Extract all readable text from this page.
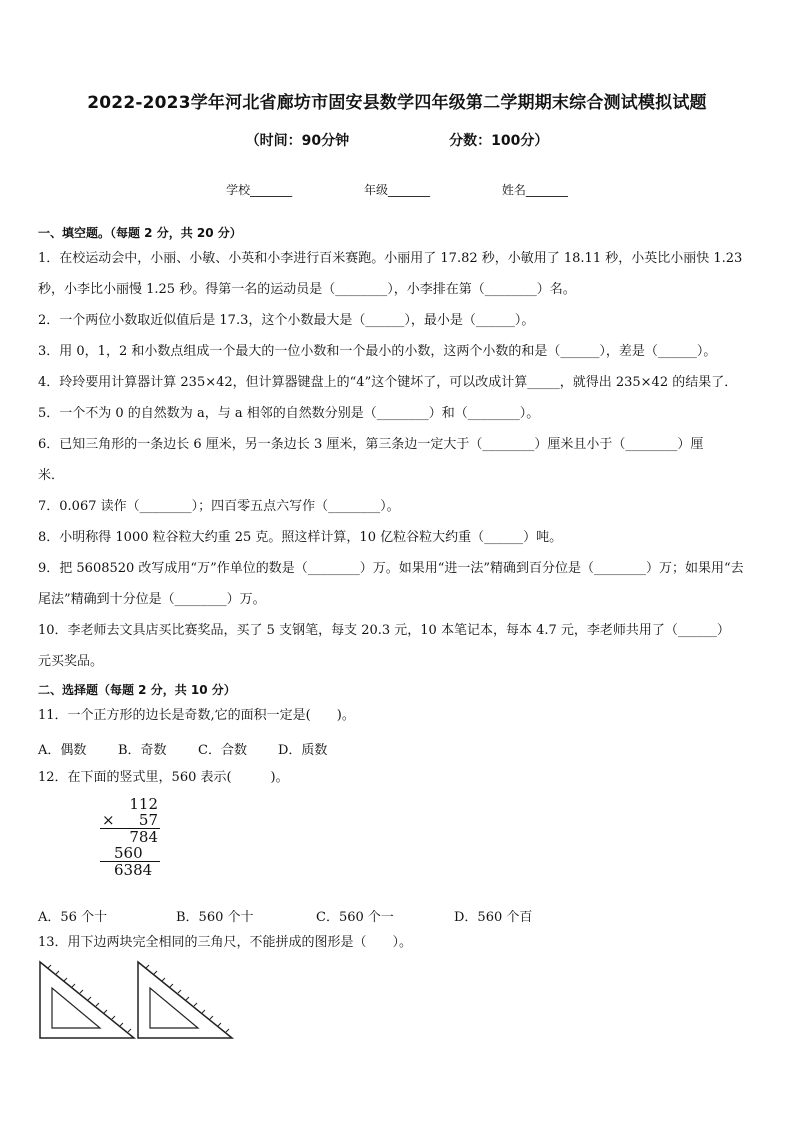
2022-2023学年河北省廊坊市固安县数学四年级第二学期期末综合测试模拟试题
（时间：90分钟	分数：100分）
学校_______	年级_______	姓名_______
一、填空题。（每题 2 分，共 20 分）
1．在校运动会中，小丽、小敏、小英和小李进行百米赛跑。小丽用了 17.82 秒，小敏用了 18.11 秒，小英比小丽快 1.23
秒，小李比小丽慢 1.25 秒。得第一名的运动员是（________），小李排在第（________）名。
2．一个两位小数取近似值后是 17.3，这个小数最大是（______），最小是（______）。
3．用 0，1，2 和小数点组成一个最大的一位小数和一个最小的小数，这两个小数的和是（______），差是（______）。
4．玲玲要用计算器计算 235×42，但计算器键盘上的“4”这个键坏了，可以改成计算_____，就得出 235×42 的结果了．
5．一个不为 0 的自然数为 a，与 a 相邻的自然数分别是（________）和（________）。
6．已知三角形的一条边长 6 厘米，另一条边长 3 厘米，第三条边一定大于（________）厘米且小于（________）厘
米．
7．0.067 读作（________）；四百零五点六写作（________）。
8．小明称得 1000 粒谷粒大约重 25 克。照这样计算，10 亿粒谷粒大约重（______）吨。
9．把 5608520 改写成用“万”作单位的数是（________）万。如果用“进一法”精确到百分位是（________）万；如果用“去
尾法”精确到十分位是（________）万。
10．李老师去文具店买比赛奖品，买了 5 支钢笔，每支 20.3 元，10 本笔记本，每本 4.7 元，李老师共用了（______）
元买奖品。
二、选择题（每题 2 分，共 10 分）
11．一个正方形的边长是奇数,它的面积一定是(　　)。
A．偶数 B．奇数 C．合数 D．质数
12．在下面的竖式里，560 表示(　　　)。
112
× 57
784
560
6384
A．56 个十	B．560 个十	C．560 个一	D．560 个百
13．用下边两块完全相同的三角尺，不能拼成的图形是（　　）。
